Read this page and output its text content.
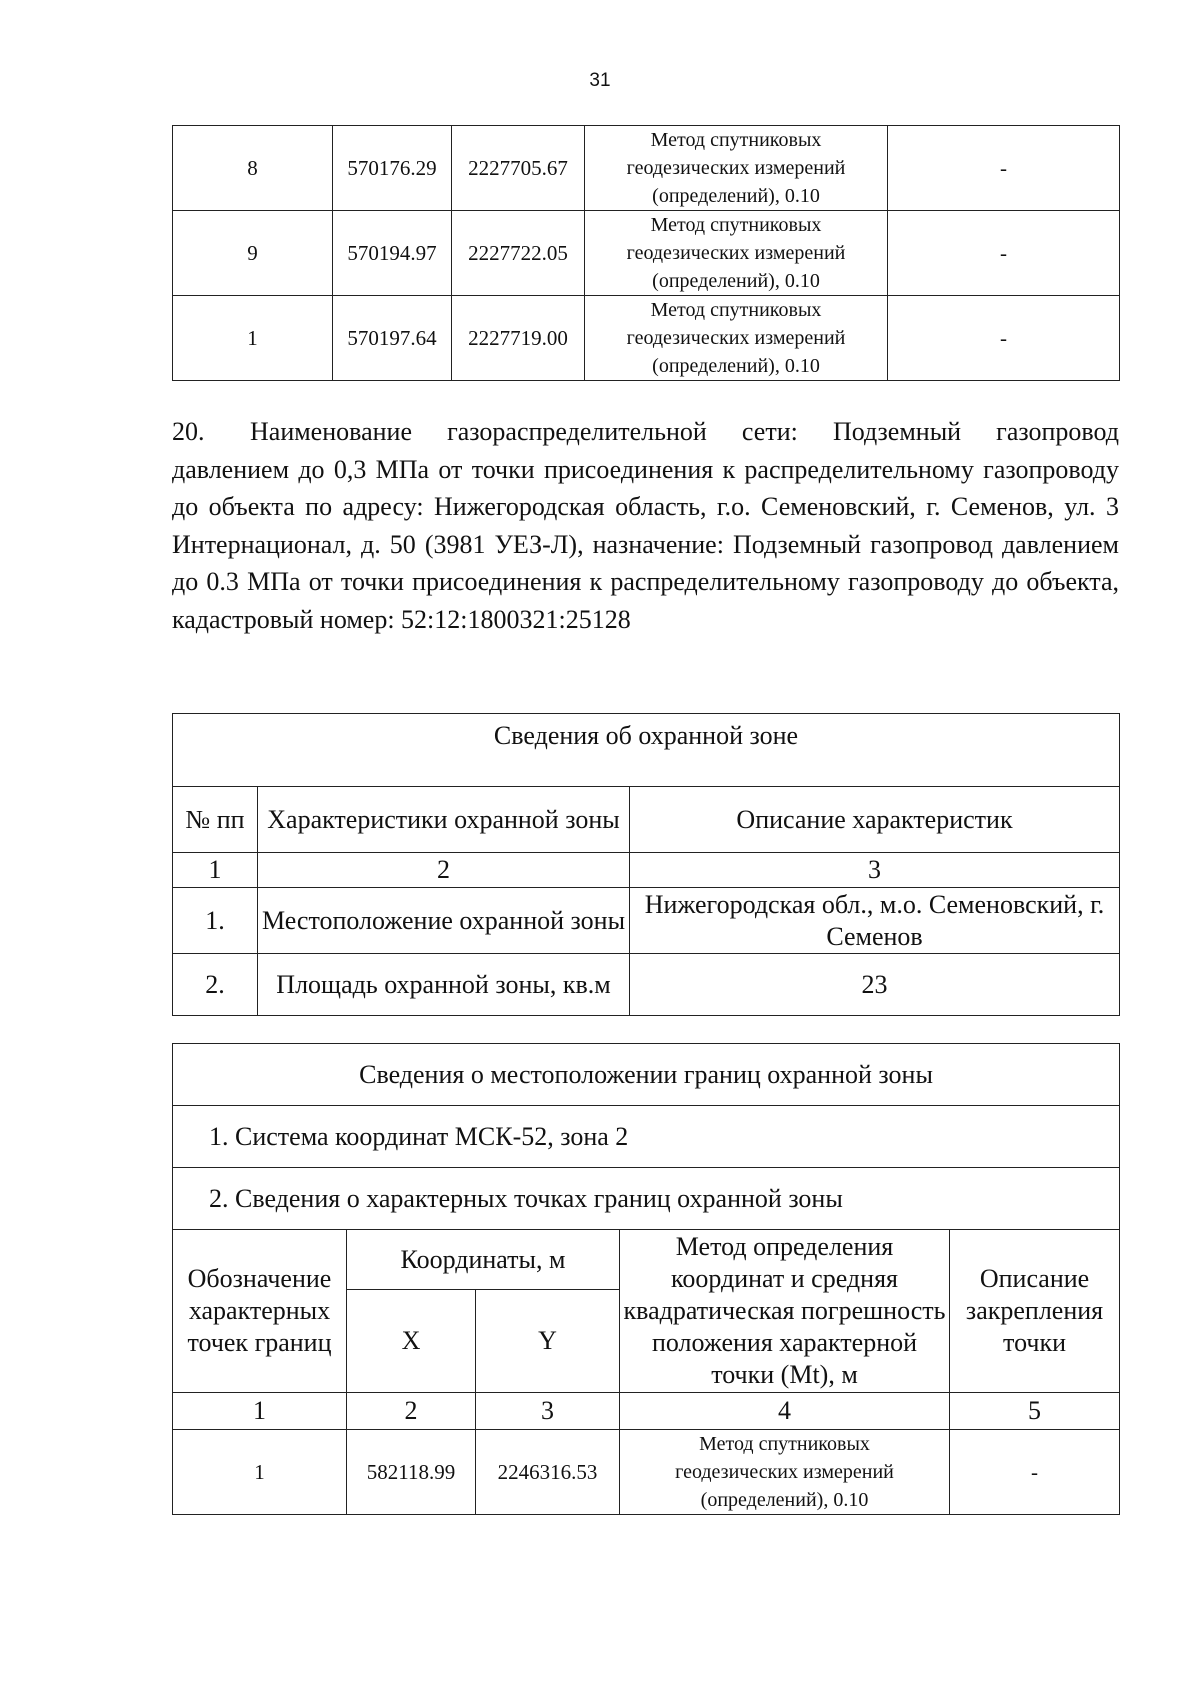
31
8	570176.29	2227705.67	Метод спутниковых
геодезических измерений
(определений), 0.10	-
9	570194.97	2227722.05	Метод спутниковых
геодезических измерений
(определений), 0.10	-
1	570197.64	2227719.00	Метод спутниковых
геодезических измерений
(определений), 0.10	-

20. Наименование газораспределительной сети: Подземный газопровод давлением до 0,3 МПа от точки присоединения к распределительному газопроводу до объекта по адресу: Нижегородская область, г.о. Семеновский, г. Семенов, ул. 3 Интернационал, д. 50 (3981 УЕЗ-Л), назначение: Подземный газопровод давлением до 0.3 МПа от точки присоединения к распределительному газопроводу до объекта, кадастровый номер: 52:12:1800321:25128

Сведения об охранной зоне		
№ пп	Характеристики охранной зоны	Описание характеристик
1	2	3
1.	Местоположение охранной зоны	Нижегородская обл., м.о. Семеновский, г. Семенов
2.	Площадь охранной зоны, кв.м	23
Сведения о местоположении границ охранной зоны				
1. Система координат МСК-52, зона 2				
2. Сведения о характерных точках границ охранной зоны				
Обозначение характерных точек границ	Координаты, м		Метод определения координат и средняя квадратическая погрешность положения характерной точки (Mt), м	Описание закрепления точки
	X	Y		
1	2	3	4	5
1	582118.99	2246316.53	Метод спутниковых
геодезических измерений
(определений), 0.10	-
